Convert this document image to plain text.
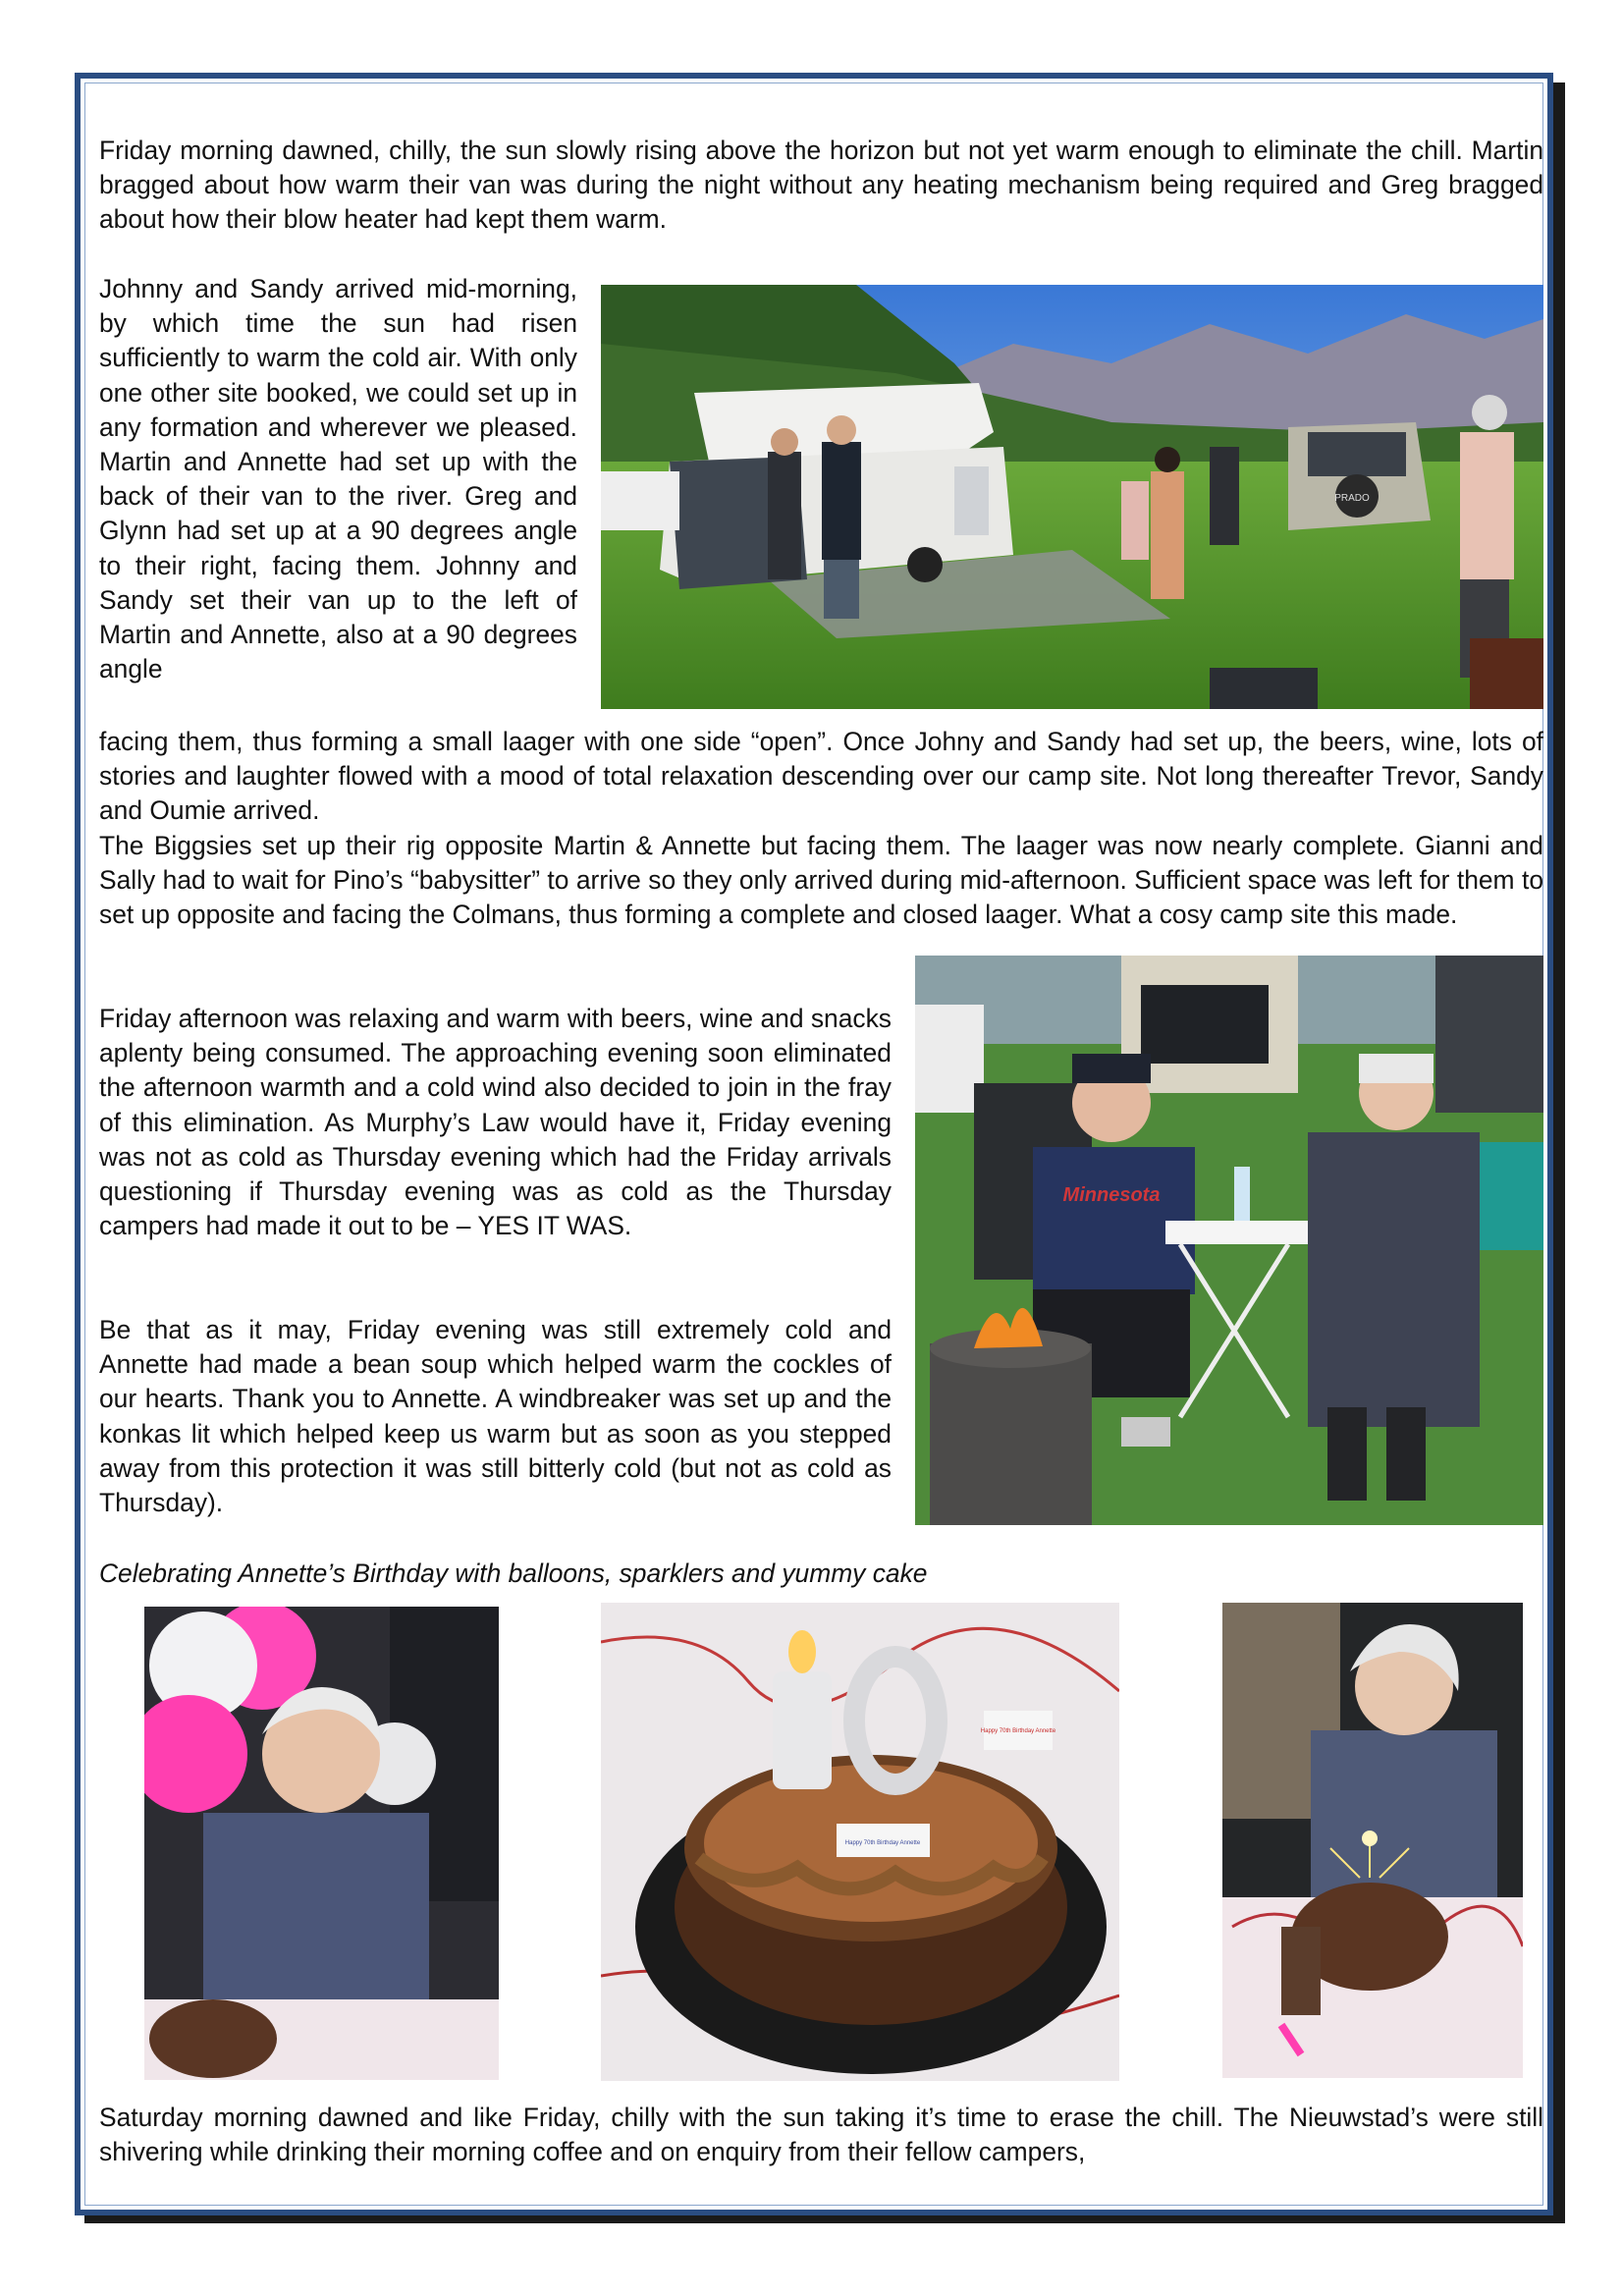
Friday morning dawned, chilly, the sun slowly rising above the horizon but not yet warm enough to eliminate the chill. Martin bragged about how warm their van was during the night without any heating mechanism being required and Greg bragged about how their blow heater had kept them warm.

Johnny and Sandy arrived mid-morning, by which time the sun had risen sufficiently to warm the cold air. With only one other site booked, we could set up in any formation and wherever we pleased. Martin and Annette had set up with the back of their van to the river. Greg and Glynn had set up at a 90 degrees angle to their right, facing them. Johnny and Sandy set their van up to the left of Martin and Annette, also at a 90 degrees angle

PRADO

facing them, thus forming a small laager with one side “open”. Once Johny and Sandy had set up, the beers, wine, lots of stories and laughter flowed with a mood of total relaxation descending over our camp site. Not long thereafter Trevor, Sandy and Oumie arrived.

The Biggsies set up their rig opposite Martin & Annette but facing them. The laager was now nearly complete. Gianni and Sally had to wait for Pino’s “babysitter” to arrive so they only arrived during mid-afternoon. Sufficient space was left for them to set up opposite and facing the Colmans, thus forming a complete and closed laager. What a cosy camp site this made.

Minnesota

Friday afternoon was relaxing and warm with beers, wine and snacks aplenty being consumed. The approaching evening soon eliminated the afternoon warmth and a cold wind also decided to join in the fray of this elimination. As Murphy’s Law would have it, Friday evening was not as cold as Thursday evening which had the Friday arrivals questioning if Thursday evening was as cold as the Thursday campers had made it out to be – YES IT WAS.

Be that as it may, Friday evening was still extremely cold and Annette had made a bean soup which helped warm the cockles of our hearts. Thank you to Annette. A windbreaker was set up and the konkas lit which helped keep us warm but as soon as you stepped away from this protection it was still bitterly cold (but not as cold as Thursday).

Celebrating Annette’s Birthday with balloons, sparklers and yummy cake

Happy 70th Birthday Annette
Happy 70th Birthday Annette

Saturday morning dawned and like Friday, chilly with the sun taking it’s time to erase the chill. The Nieuwstad’s were still shivering while drinking their morning coffee and on enquiry from their fellow campers,
